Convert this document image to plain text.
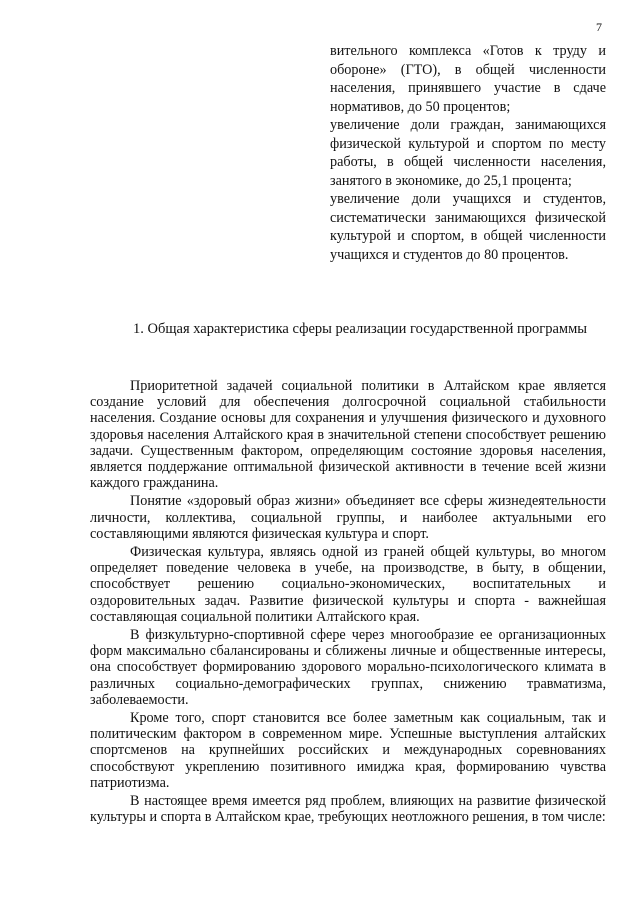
7

вительного комплекса «Готов к труду и обороне» (ГТО), в общей численности населения, принявшего участие в сдаче нормативов, до 50 процентов;

увеличение доли граждан, занимающихся физической культурой и спортом по месту работы, в общей численности населения, занятого в экономике, до 25,1 процента;

увеличение доли учащихся и студентов, систематически занимающихся физической культурой и спортом, в общей численности учащихся и студентов до 80 процентов.

1. Общая характеристика сферы реализации государственной программы

Приоритетной задачей социальной политики в Алтайском крае является создание условий для обеспечения долгосрочной социальной стабильности населения. Создание основы для сохранения и улучшения физического и духовного здоровья населения Алтайского края в значительной степени способствует решению задачи. Существенным фактором, определяющим состояние здоровья населения, является поддержание оптимальной физической активности в течение всей жизни каждого гражданина.

Понятие «здоровый образ жизни» объединяет все сферы жизнедеятельности личности, коллектива, социальной группы, и наиболее актуальными его составляющими являются физическая культура и спорт.

Физическая культура, являясь одной из граней общей культуры, во многом определяет поведение человека в учебе, на производстве, в быту, в общении, способствует решению социально-экономических, воспитательных и оздоровительных задач. Развитие физической культуры и спорта - важнейшая составляющая социальной политики Алтайского края.

В физкультурно-спортивной сфере через многообразие ее организационных форм максимально сбалансированы и сближены личные и общественные интересы, она способствует формированию здорового морально-психологического климата в различных социально-демографических группах, снижению травматизма, заболеваемости.

Кроме того, спорт становится все более заметным как социальным, так и политическим фактором в современном мире. Успешные выступления алтайских спортсменов на крупнейших российских и международных соревнованиях способствуют укреплению позитивного имиджа края, формированию чувства патриотизма.

В настоящее время имеется ряд проблем, влияющих на развитие физической культуры и спорта в Алтайском крае, требующих неотложного решения, в том числе:
